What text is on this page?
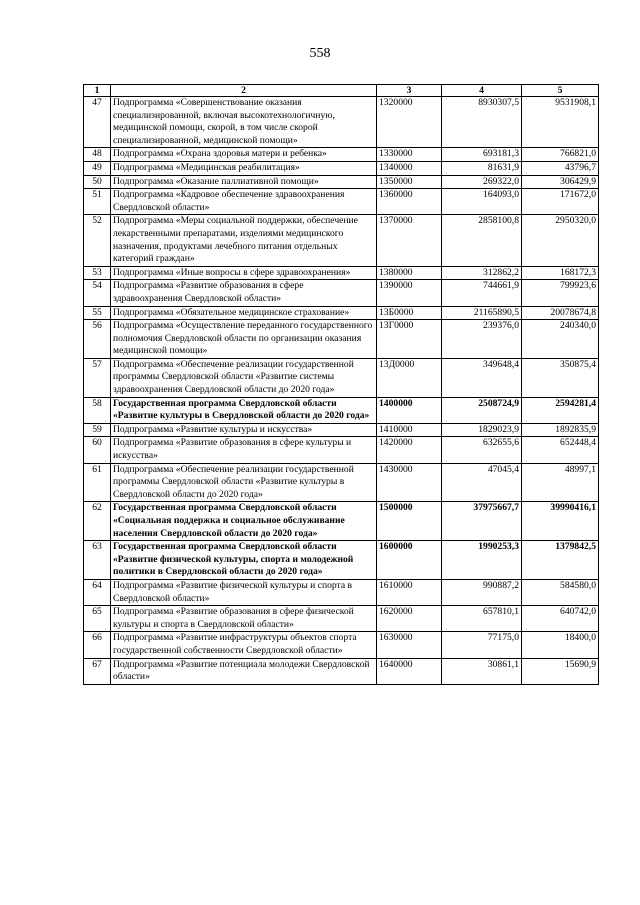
558
1	2	3	4	5
47	Подпрограмма «Совершенствование оказания специализированной, включая высокотехнологичную, медицинской помощи, скорой, в том числе скорой специализированной, медицинской помощи»	1320000	8930307,5	9531908,1
48	Подпрограмма «Охрана здоровья матери и ребенка»	1330000	693181,3	766821,0
49	Подпрограмма «Медицинская реабилитация»	1340000	81631,9	43796,7
50	Подпрограмма «Оказание паллиативной помощи»	1350000	269322,0	306429,9
51	Подпрограмма «Кадровое обеспечение здравоохранения Свердловской области»	1360000	164093,0	171672,0
52	Подпрограмма «Меры социальной поддержки, обеспечение лекарственными препаратами, изделиями медицинского назначения, продуктами лечебного питания отдельных категорий граждан»	1370000	2858100,8	2950320,0
53	Подпрограмма «Иные вопросы в сфере здравоохранения»	1380000	312862,2	168172,3
54	Подпрограмма «Развитие образования в сфере здравоохранения Свердловской области»	1390000	744661,9	799923,6
55	Подпрограмма «Обязательное медицинское страхование»	13Б0000	21165890,5	20078674,8
56	Подпрограмма «Осуществление переданного государственного полномочия Свердловской области по организации оказания медицинской помощи»	13Г0000	239376,0	240340,0
57	Подпрограмма «Обеспечение реализации государственной программы Свердловской области «Развитие системы здравоохранения Свердловской области до 2020 года»	13Д0000	349648,4	350875,4
58	Государственная программа Свердловской области «Развитие культуры в Свердловской области до 2020 года»	1400000	2508724,9	2594281,4
59	Подпрограмма «Развитие культуры и искусства»	1410000	1829023,9	1892835,9
60	Подпрограмма «Развитие образования в сфере культуры и искусства»	1420000	632655,6	652448,4
61	Подпрограмма «Обеспечение реализации государственной программы Свердловской области «Развитие культуры в Свердловской области до 2020 года»	1430000	47045,4	48997,1
62	Государственная программа Свердловской области «Социальная поддержка и социальное обслуживание населения Свердловской области до 2020 года»	1500000	37975667,7	39990416,1
63	Государственная программа Свердловской области «Развитие физической культуры, спорта и молодежной политики в Свердловской области до 2020 года»	1600000	1990253,3	1379842,5
64	Подпрограмма «Развитие физической культуры и спорта в Свердловской области»	1610000	990887,2	584580,0
65	Подпрограмма «Развитие образования в сфере физической культуры и спорта в Свердловской области»	1620000	657810,1	640742,0
66	Подпрограмма «Развитие инфраструктуры объектов спорта государственной собственности Свердловской области»	1630000	77175,0	18400,0
67	Подпрограмма «Развитие потенциала молодежи Свердловской области»	1640000	30861,1	15690,9
